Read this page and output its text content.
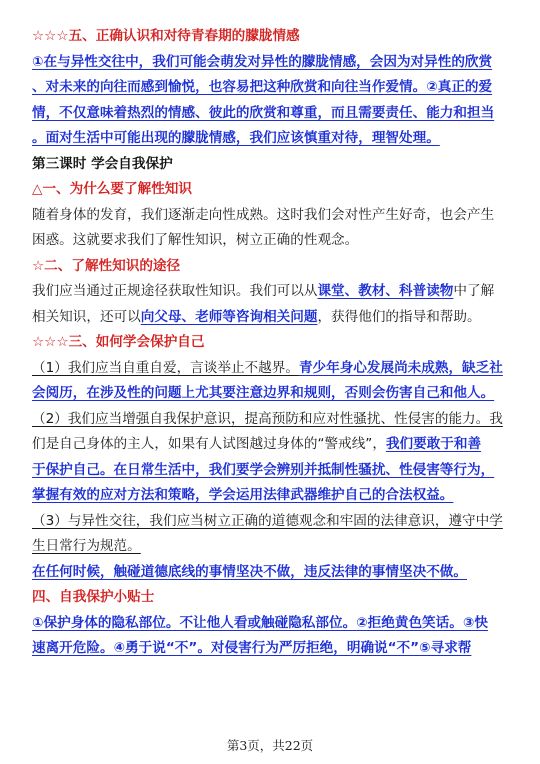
☆☆☆五、正确认识和对待青春期的朦胧情感
①在与异性交往中，我们可能会萌发对异性的朦胧情感，会因为对异性的欣赏
、对未来的向往而感到愉悦，也容易把这种欣赏和向往当作爱情。②真正的爱
情，不仅意味着热烈的情感、彼此的欣赏和尊重，而且需要责任、能力和担当
。面对生活中可能出现的朦胧情感，我们应该慎重对待，理智处理。
第三课时 学会自我保护
△一、为什么要了解性知识
随着身体的发育，我们逐渐走向性成熟。这时我们会对性产生好奇，也会产生
困惑。这就要求我们了解性知识，树立正确的性观念。
☆二、了解性知识的途径
我们应当通过正规途径获取性知识。我们可以从课堂、教材、科普读物中了解
相关知识，还可以向父母、老师等咨询相关问题，获得他们的指导和帮助。
☆☆☆三、如何学会保护自己
（1）我们应当自重自爱，言谈举止不越界。青少年身心发展尚未成熟，缺乏社
会阅历，在涉及性的问题上尤其要注意边界和规则，否则会伤害自己和他人。
（2）我们应当增强自我保护意识，提高预防和应对性骚扰、性侵害的能力。我
们是自己身体的主人，如果有人试图越过身体的“警戒线”，我们要敢于和善
于保护自己。在日常生活中，我们要学会辨别并抵制性骚扰、性侵害等行为，
掌握有效的应对方法和策略，学会运用法律武器维护自己的合法权益。
（3）与异性交往，我们应当树立正确的道德观念和牢固的法律意识，遵守中学
生日常行为规范。
在任何时候，触碰道德底线的事情坚决不做，违反法律的事情坚决不做。
四、自我保护小贴士
①保护身体的隐私部位。不让他人看或触碰隐私部位。②拒绝黄色笑话。③快
速离开危险。④勇于说“不”。对侵害行为严厉拒绝，明确说“不”⑤寻求帮
第3页，共22页
